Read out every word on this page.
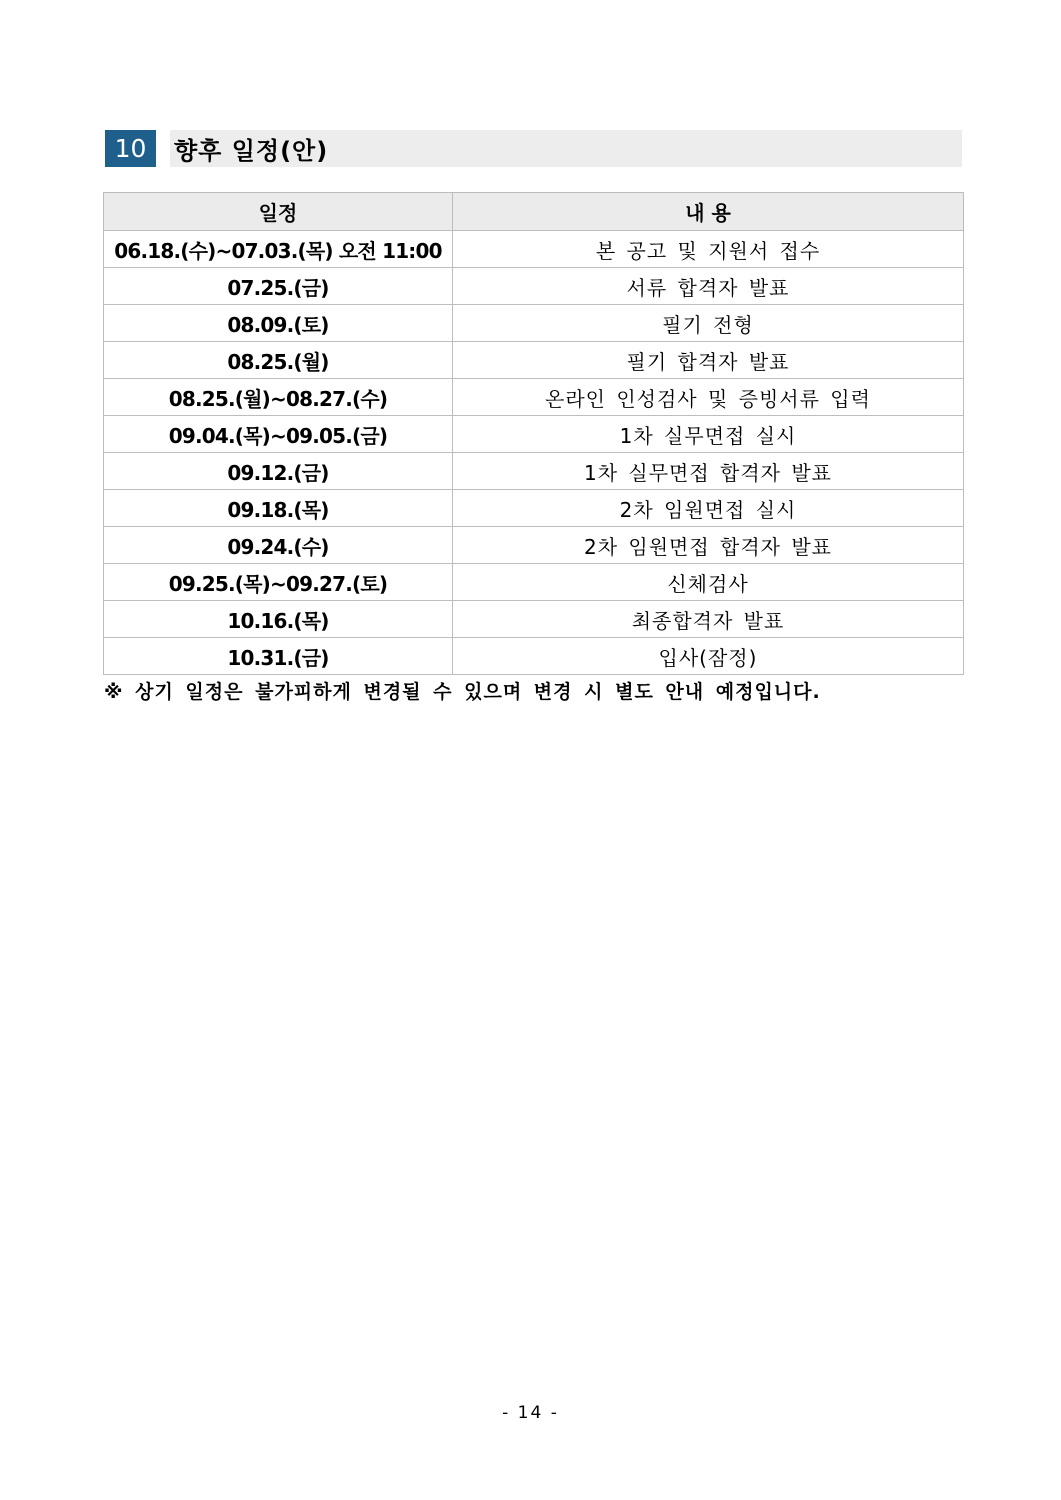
10	향후 일정(안)
일정	내 용
06.18.(수)~07.03.(목) 오전 11:00	본 공고 및 지원서 접수
07.25.(금)	서류 합격자 발표
08.09.(토)	필기 전형
08.25.(월)	필기 합격자 발표
08.25.(월)~08.27.(수)	온라인 인성검사 및 증빙서류 입력
09.04.(목)~09.05.(금)	1차 실무면접 실시
09.12.(금)	1차 실무면접 합격자 발표
09.18.(목)	2차 임원면접 실시
09.24.(수)	2차 임원면접 합격자 발표
09.25.(목)~09.27.(토)	신체검사
10.16.(목)	최종합격자 발표
10.31.(금)	입사(잠정)
※ 상기 일정은 불가피하게 변경될 수 있으며 변경 시 별도 안내 예정입니다.
- 14 -
